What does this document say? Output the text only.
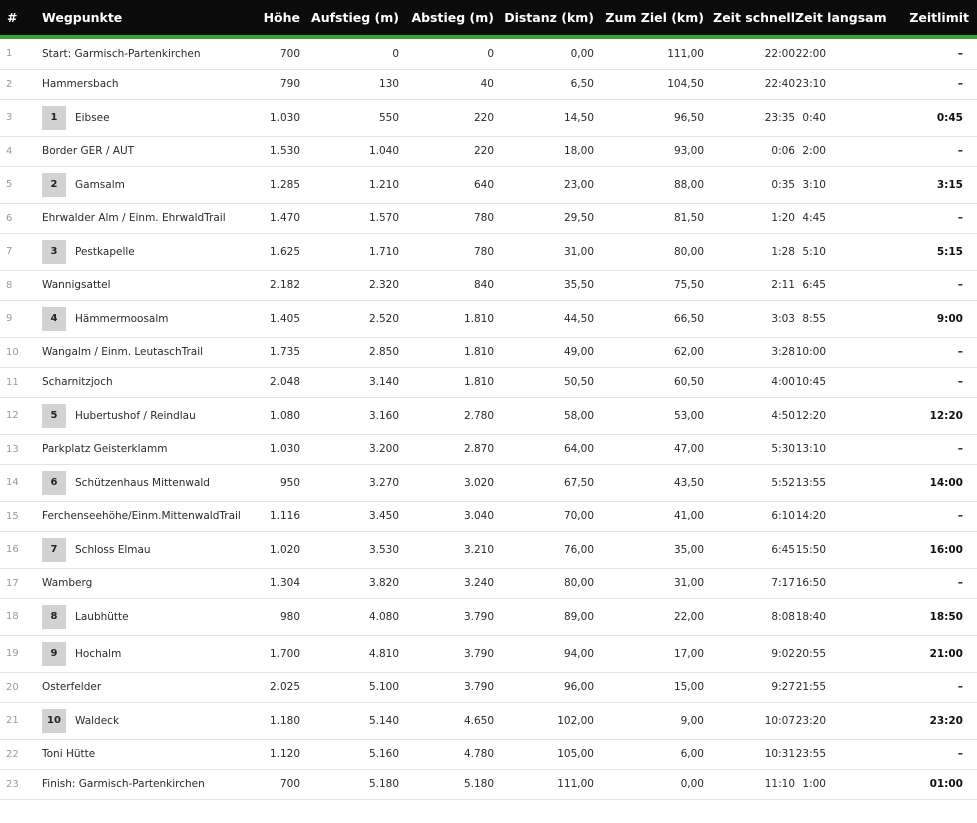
#	Wegpunkte	Höhe	Aufstieg (m)	Abstieg (m)	Distanz (km)	Zum Ziel (km)	Zeit schnell	Zeit langsam	Zeitlimit
1	Start: Garmisch-Partenkirchen	700	0	0	0,00	111,00	22:00	22:00	–
2	Hammersbach	790	130	40	6,50	104,50	22:40	23:10	–
3	1 Eibsee	1.030	550	220	14,50	96,50	23:35	0:40	0:45
4	Border GER / AUT	1.530	1.040	220	18,00	93,00	0:06	2:00	–
5	2 Gamsalm	1.285	1.210	640	23,00	88,00	0:35	3:10	3:15
6	Ehrwalder Alm / Einm. EhrwaldTrail	1.470	1.570	780	29,50	81,50	1:20	4:45	–
7	3 Pestkapelle	1.625	1.710	780	31,00	80,00	1:28	5:10	5:15
8	Wannigsattel	2.182	2.320	840	35,50	75,50	2:11	6:45	–
9	4 Hämmermoosalm	1.405	2.520	1.810	44,50	66,50	3:03	8:55	9:00
10	Wangalm / Einm. LeutaschTrail	1.735	2.850	1.810	49,00	62,00	3:28	10:00	–
11	Scharnitzjoch	2.048	3.140	1.810	50,50	60,50	4:00	10:45	–
12	5 Hubertushof / Reindlau	1.080	3.160	2.780	58,00	53,00	4:50	12:20	12:20
13	Parkplatz Geisterklamm	1.030	3.200	2.870	64,00	47,00	5:30	13:10	–
14	6 Schützenhaus Mittenwald	950	3.270	3.020	67,50	43,50	5:52	13:55	14:00
15	Ferchenseehöhe/Einm.MittenwaldTrail	1.116	3.450	3.040	70,00	41,00	6:10	14:20	–
16	7 Schloss Elmau	1.020	3.530	3.210	76,00	35,00	6:45	15:50	16:00
17	Wamberg	1.304	3.820	3.240	80,00	31,00	7:17	16:50	–
18	8 Laubhütte	980	4.080	3.790	89,00	22,00	8:08	18:40	18:50
19	9 Hochalm	1.700	4.810	3.790	94,00	17,00	9:02	20:55	21:00
20	Osterfelder	2.025	5.100	3.790	96,00	15,00	9:27	21:55	–
21	10 Waldeck	1.180	5.140	4.650	102,00	9,00	10:07	23:20	23:20
22	Toni Hütte	1.120	5.160	4.780	105,00	6,00	10:31	23:55	–
23	Finish: Garmisch-Partenkirchen	700	5.180	5.180	111,00	0,00	11:10	1:00	01:00
